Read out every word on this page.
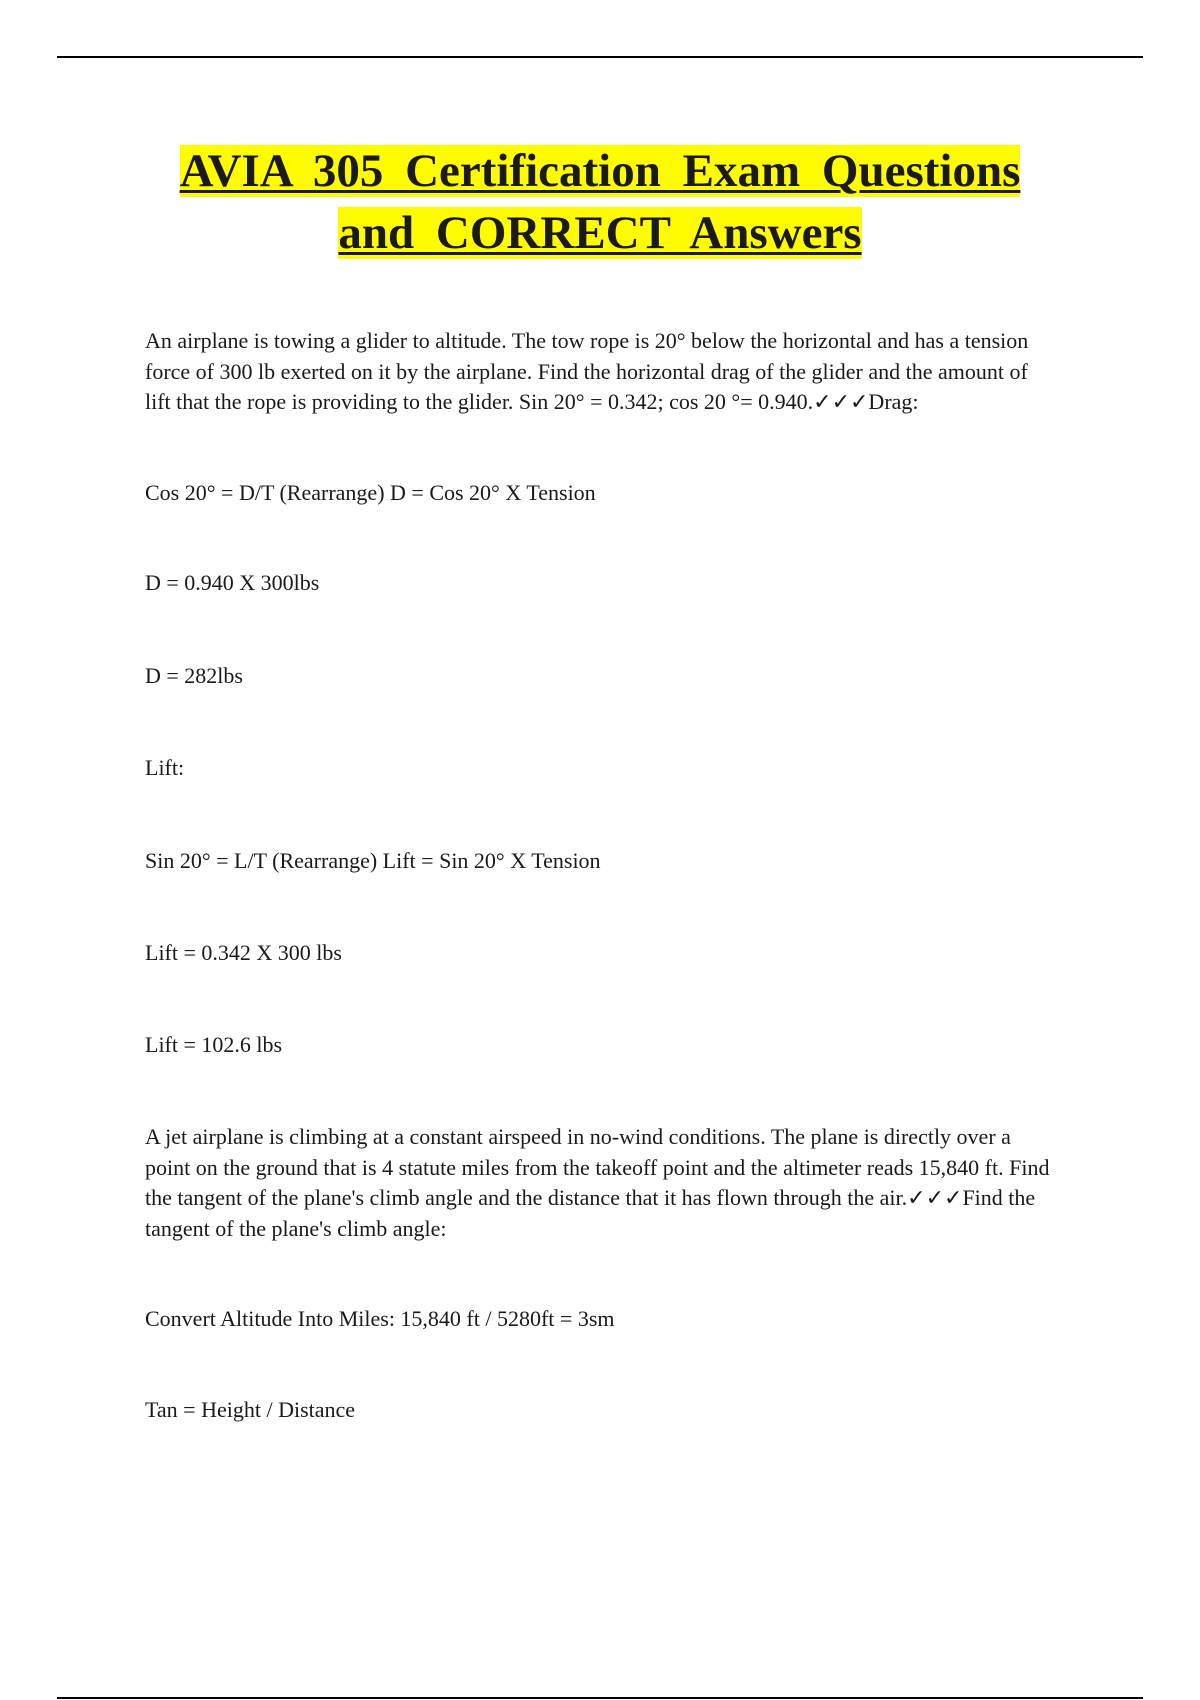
AVIA 305 Certification Exam Questions
and CORRECT Answers

An airplane is towing a glider to altitude. The tow rope is 20° below the horizontal and has a tension force of 300 lb exerted on it by the airplane. Find the horizontal drag of the glider and the amount of lift that the rope is providing to the glider. Sin 20° = 0.342; cos 20 °= 0.940.✓✓✓Drag:

Cos 20° = D/T (Rearrange) D = Cos 20° X Tension

D = 0.940 X 300lbs

D = 282lbs

Lift:

Sin 20° = L/T (Rearrange) Lift = Sin 20° X Tension

Lift = 0.342 X 300 lbs

Lift = 102.6 lbs

A jet airplane is climbing at a constant airspeed in no-wind conditions. The plane is directly over a point on the ground that is 4 statute miles from the takeoff point and the altimeter reads 15,840 ft. Find the tangent of the plane's climb angle and the distance that it has flown through the air.✓✓✓Find the tangent of the plane's climb angle:

Convert Altitude Into Miles: 15,840 ft / 5280ft = 3sm

Tan = Height / Distance
